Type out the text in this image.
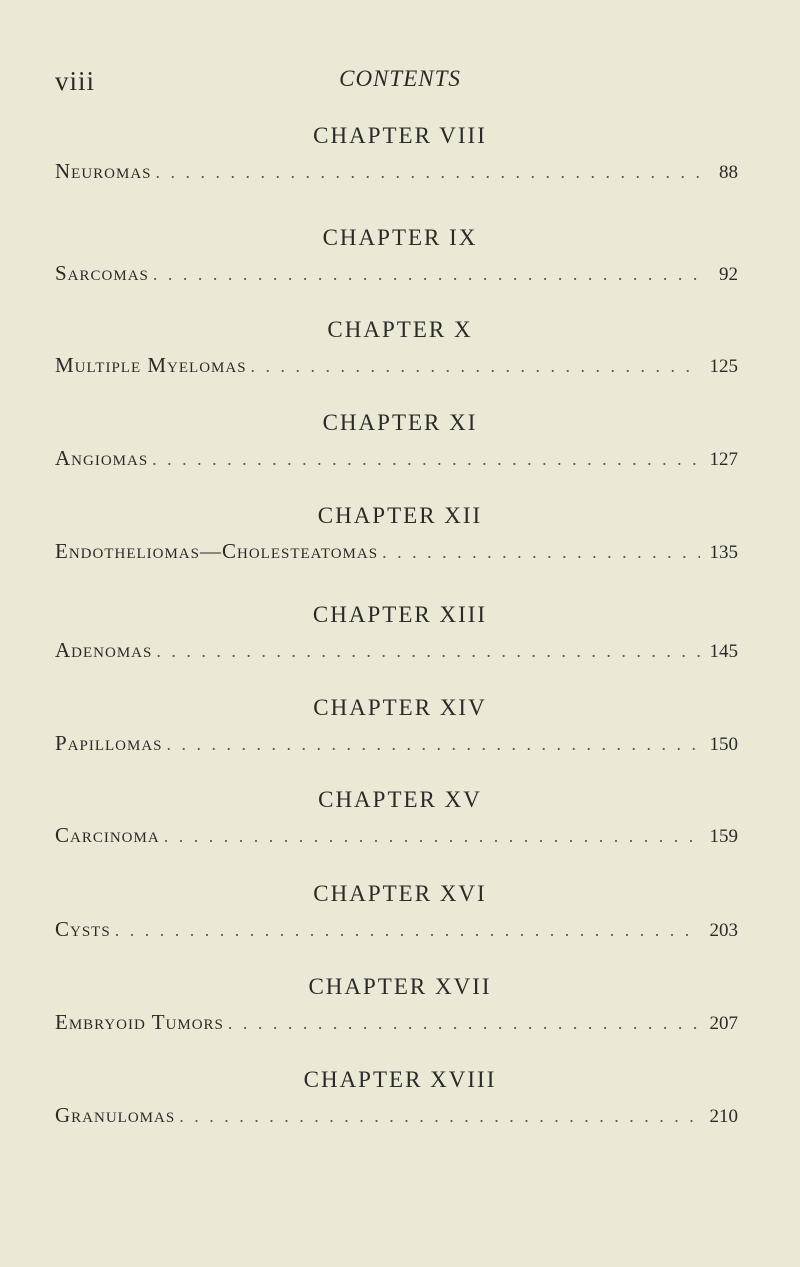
viii	CONTENTS
CHAPTER VIII
Neuromas . . .	88
CHAPTER IX
Sarcomas . . .	92
CHAPTER X
Multiple Myelomas . . .	125
CHAPTER XI
Angiomas . . .	127
CHAPTER XII
Endotheliomas—Cholesteatomas . . .	135
CHAPTER XIII
Adenomas . . .	145
CHAPTER XIV
Papillomas . . .	150
CHAPTER XV
Carcinoma . . .	159
CHAPTER XVI
Cysts . . .	203
CHAPTER XVII
Embryoid Tumors . . .	207
CHAPTER XVIII
Granulomas . . .	210
